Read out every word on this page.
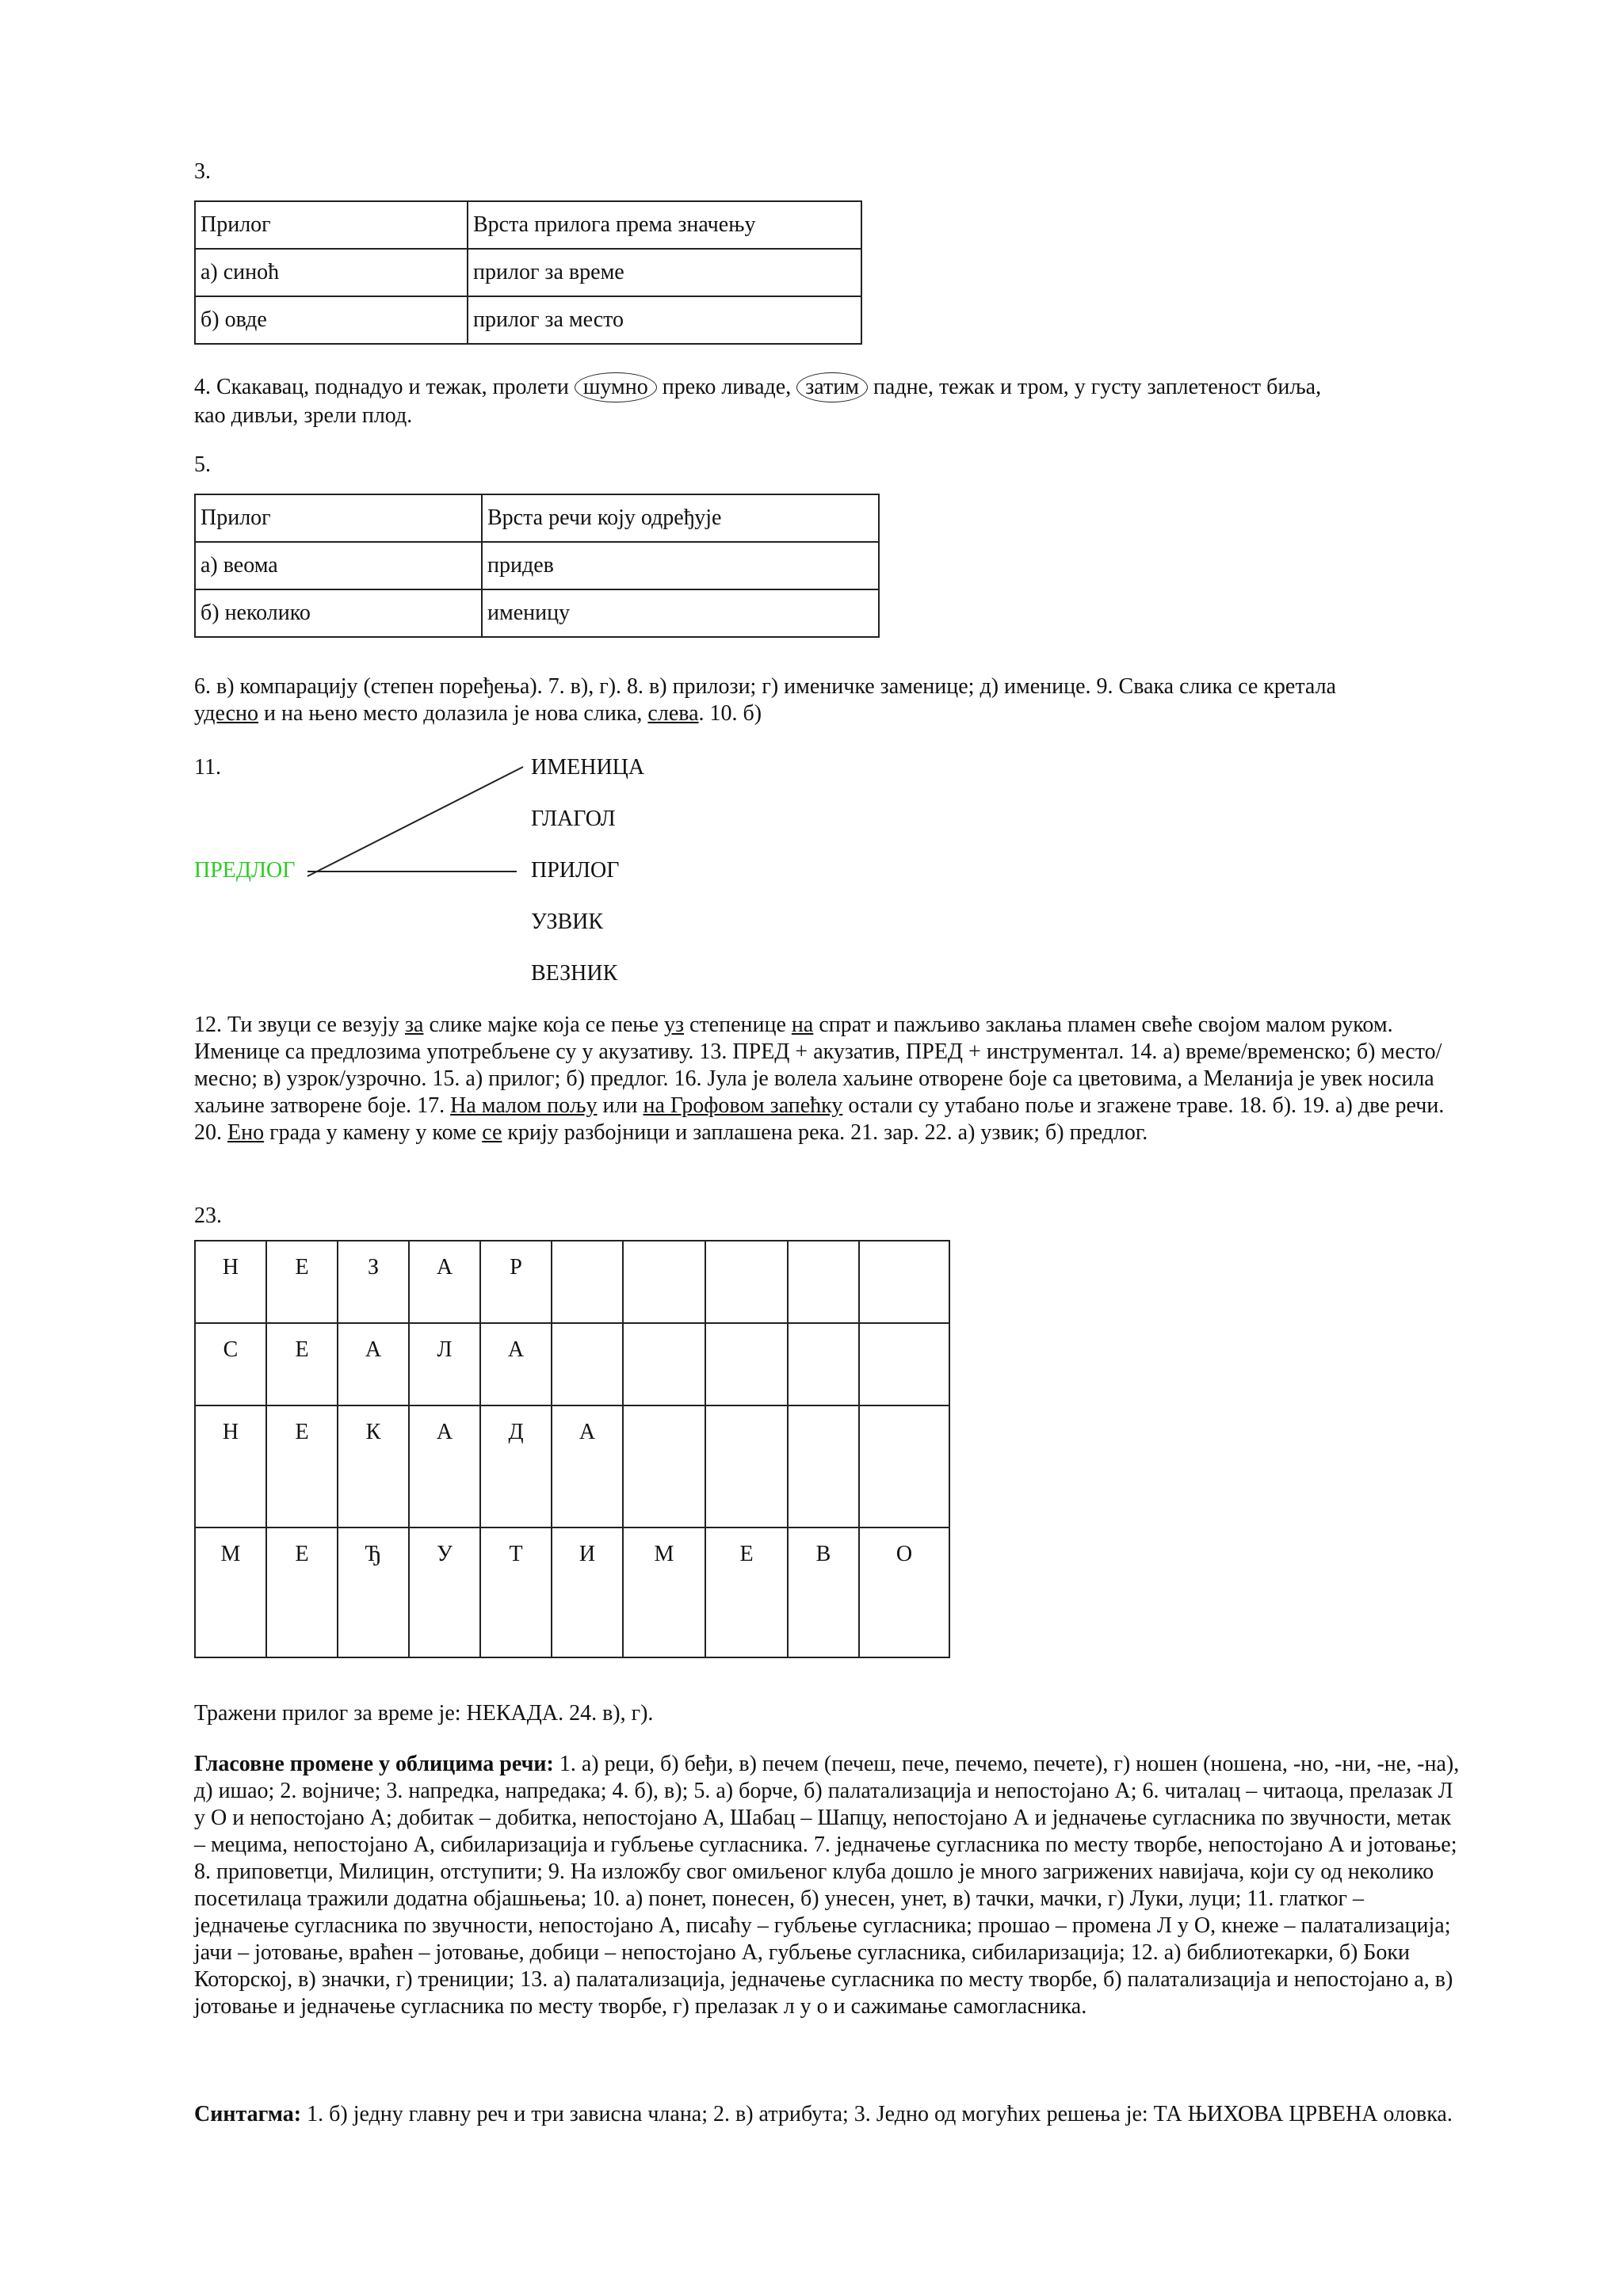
3.
Прилог	Врста прилога према значењу
а) синоћ	прилог за време
б) овде	прилог за место
4. Скакавац, поднадуо и тежак, пролети шумно преко ливаде, затим падне, тежак и тром, у густу заплетеност биља,
као дивљи, зрели плод.
5.
Прилог	Врста речи коју одређује
а) веома	придев
б) неколико	именицу
6. в) компарацију (степен поређења). 7. в), г). 8. в) прилози; г) именичке заменице; д) именице. 9. Свака слика се кретала
удесно и на њено место долазила је нова слика, слева. 10. б)
11.
ПРЕДЛОГ
ИМЕНИЦА
ГЛАГОЛ
ПРИЛОГ
УЗВИК
ВЕЗНИК
12. Ти звуци се везују за слике мајке која се пење уз степенице на спрат и пажљиво заклања пламен свеће својом малом руком. Именице са предлозима употребљене су у акузативу. 13. ПРЕД + акузатив, ПРЕД + инструментал. 14. а) време/временско; б) место/месно; в) узрок/узрочно. 15. а) прилог; б) предлог. 16. Јула је волела хаљине отворене боје са цветовима, а Меланија је увек носила хаљине затворене боје. 17. На малом пољу или на Грофовом запећку остали су утабано поље и згажене траве. 18. б). 19. а) две речи. 20. Ено града у камену у коме се крију разбојници и заплашена река. 21. зар. 22. а) узвик; б) предлог.
23.
Н	Е	З	А	Р					
С	Е	А	Л	А					
Н	Е	К	А	Д	А				
М	Е	Ђ	У	Т	И	М	Е	В	О
Тражени прилог за време је: НЕКАДА. 24. в), г).
Гласовне промене у облицима речи: 1. а) реци, б) беђи, в) печем (печеш, пече, печемо, печете), г) ношен (ношена, -но, -ни, -не, -на), д) ишао; 2. војниче; 3. напредка, напредака; 4. б), в); 5. а) борче, б) палатализација и непостојано А; 6. читалац – читаоца, прелазак Л у О и непостојано А; добитак – добитка, непостојано А, Шабац – Шапцу, непостојано А и једначење сугласника по звучности, метак – мецима, непостојано А, сибиларизација и губљење сугласника. 7. једначење сугласника по месту творбе, непостојано А и јотовање; 8. приповетци, Милицин, отступити; 9. На изложбу свог омиљеног клуба дошло је много загрижених навијача, који су од неколико посетилаца тражили додатна објашњења; 10. а) понет, понесен, б) унесен, унет, в) тачки, мачки, г) Луки, луци; 11. глатког – једначење сугласника по звучности, непостојано А, писаћу – губљење сугласника; прошао – промена Л у О, кнеже – палатализација; јачи – јотовање, враћен – јотовање, добици – непостојано А, губљење сугласника, сибиларизација; 12. а) библиотекарки, б) Боки Которској, в) значки, г) трениции; 13. а) палатализација, једначење сугласника по месту творбе, б) палатализација и непостојано а, в) јотовање и једначење сугласника по месту творбе, г) прелазак л у о и сажимање самогласника.
Синтагма: 1. б) једну главну реч и три зависна члана; 2. в) атрибута; 3. Једно од могућих решења је: ТА ЊИХОВА ЦРВЕНА оловка.
